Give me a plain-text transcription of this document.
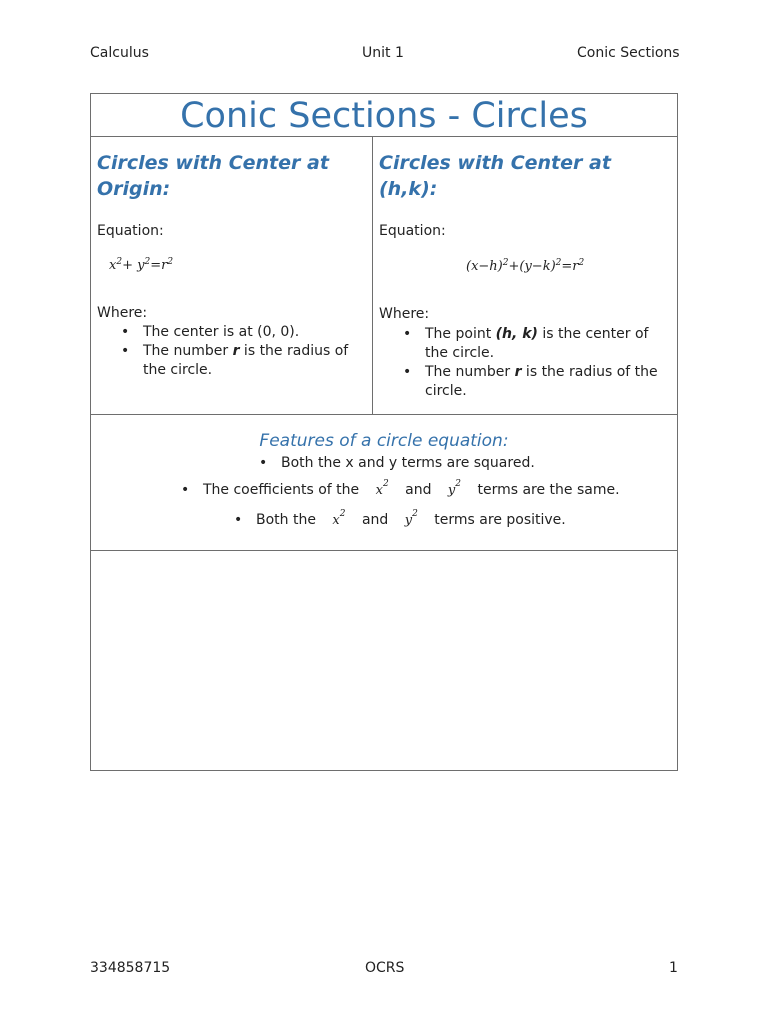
Calculus	Unit 1	Conic Sections
Conic Sections - Circles
Circles with Center at
Origin:
Equation:
$x^2+ y^2=r^2$
Where:
• The center is at (0, 0).
• The number r is the radius of
the circle.
Circles with Center at
(h,k):
Equation:
$(x-h)^2+(y-k)^2=r^2$
Where:
• The point (h, k) is the center of
the circle.
• The number r is the radius of the
circle.
Features of a circle equation:
• Both the x and y terms are squared.
• The coefficients of the $x^2$ and $y^2$ terms are the same.
• Both the $x^2$ and $y^2$ terms are positive.
334858715	OCRS	1
